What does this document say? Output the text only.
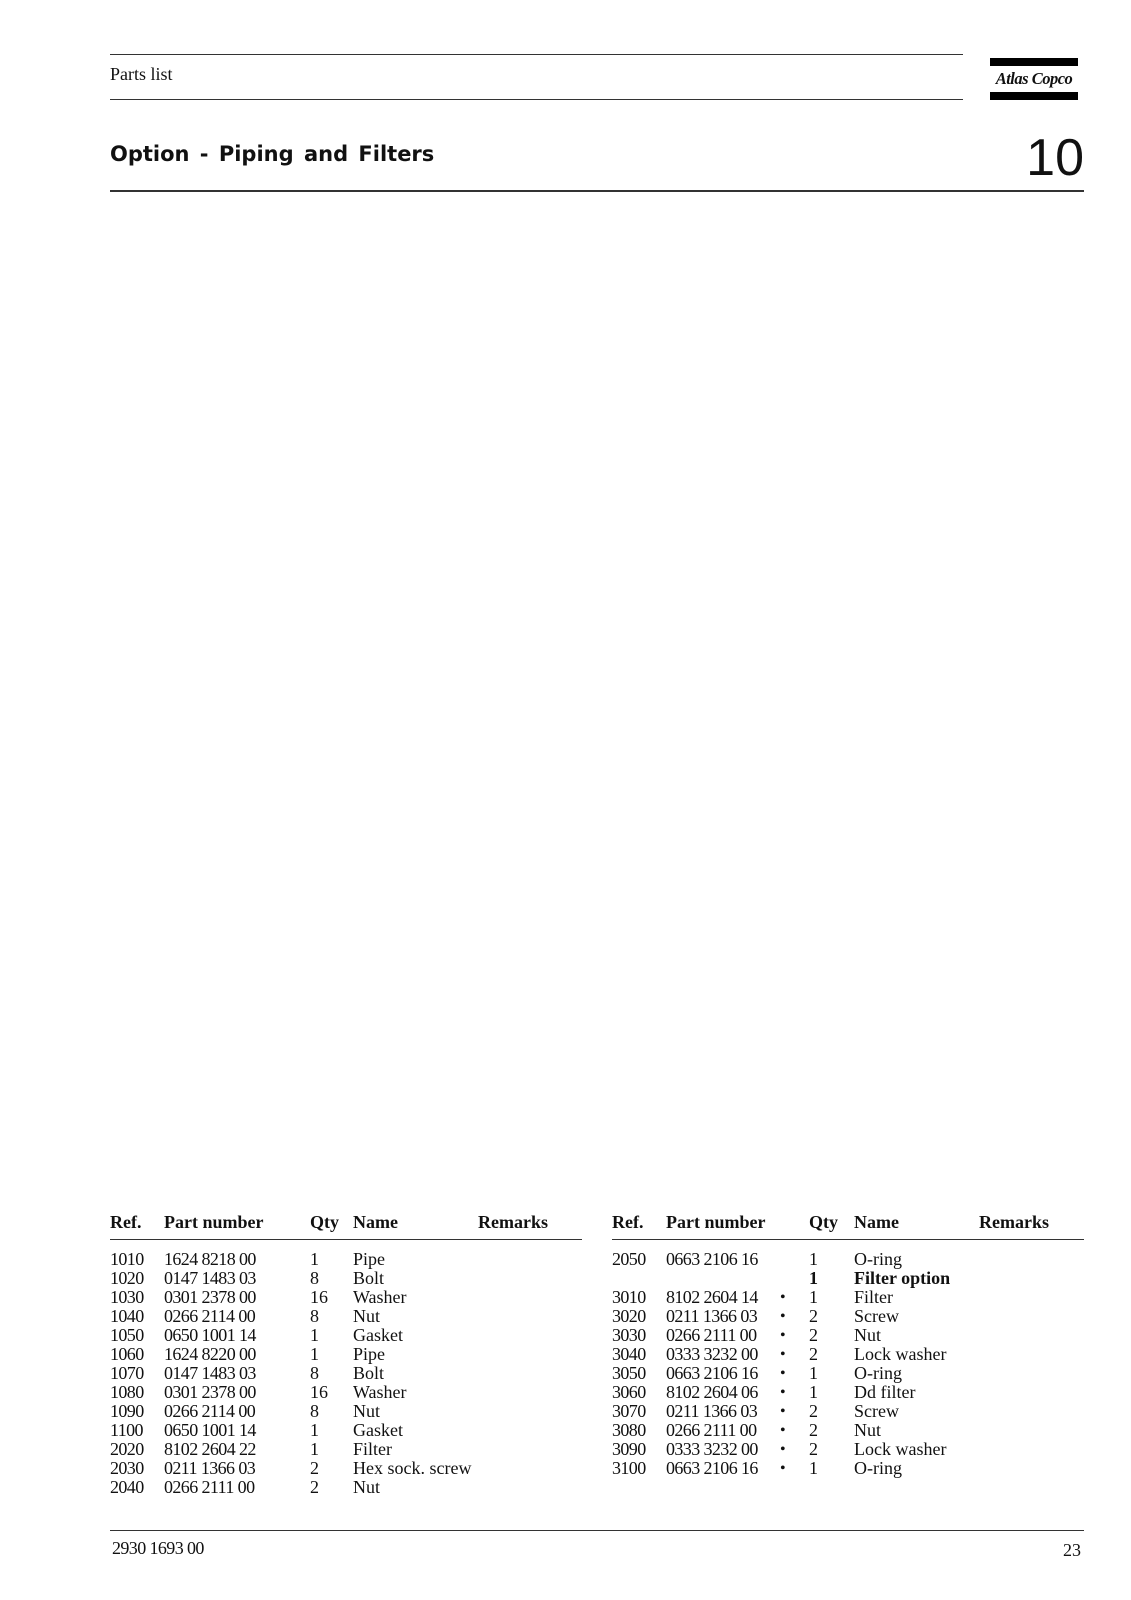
Parts list	Atlas Copco
Option - Piping and Filters	10
Ref. Part number	Qty Name	Remarks
1010 1624 8218 00	1 Pipe
1020 0147 1483 03	8 Bolt
1030 0301 2378 00	16 Washer
1040 0266 2114 00	8 Nut
1050 0650 1001 14	1 Gasket
1060 1624 8220 00	1 Pipe
1070 0147 1483 03	8 Bolt
1080 0301 2378 00	16 Washer
1090 0266 2114 00	8 Nut
1100 0650 1001 14	1 Gasket
2020 8102 2604 22	1 Filter
2030 0211 1366 03	2 Hex sock. screw
2040 0266 2111 00	2 Nut
Ref. Part number Qty Name	Remarks
2050 0663 2106 16	1 O-ring
1 Filter option
3010 8102 2604 14 • 1 Filter
3020 0211 1366 03 • 2 Screw
3030 0266 2111 00 • 2 Nut
3040 0333 3232 00 • 2 Lock washer
3050 0663 2106 16 • 1 O-ring
3060 8102 2604 06 • 1 Dd filter
3070 0211 1366 03 • 2 Screw
3080 0266 2111 00 • 2 Nut
3090 0333 3232 00 • 2 Lock washer
3100 0663 2106 16 • 1 O-ring
2930 1693 00	23
